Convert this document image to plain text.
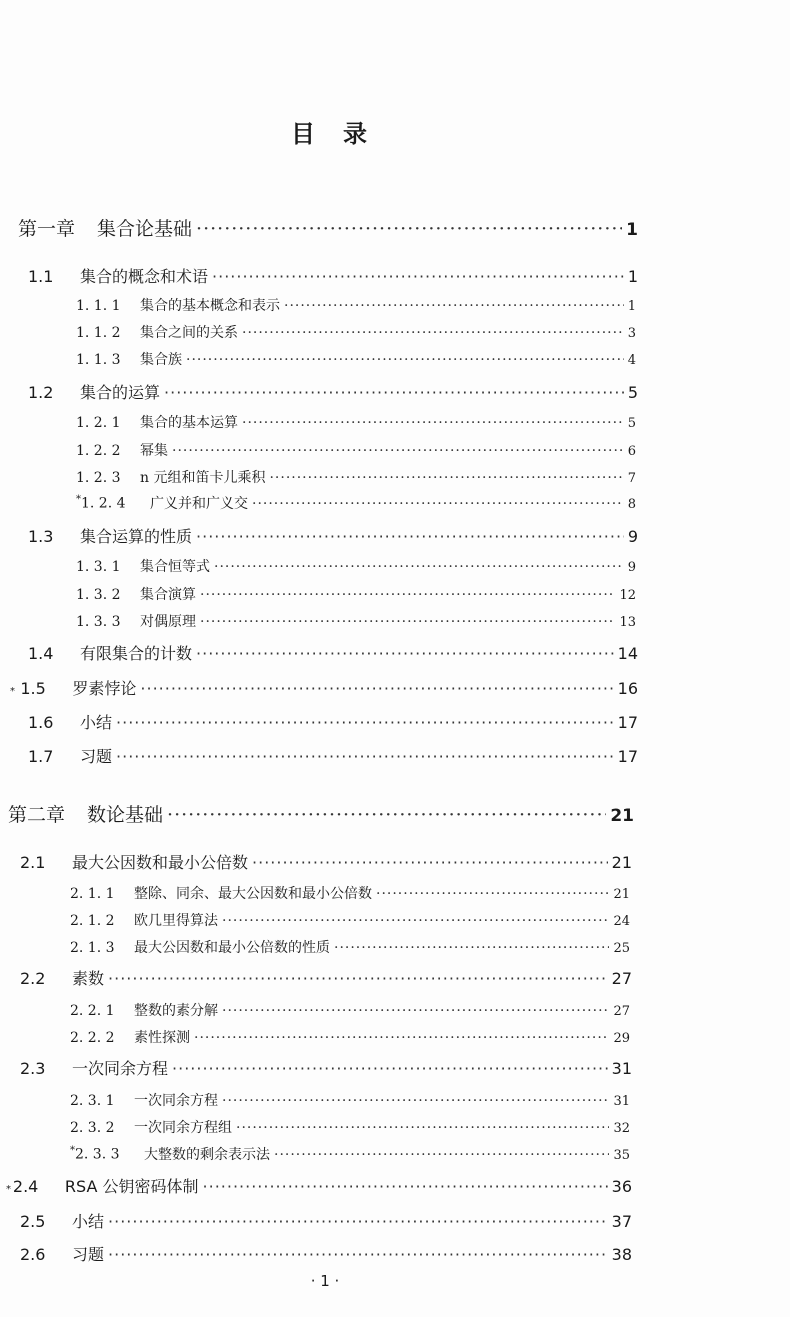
目　录
第一章 集合论基础 ·····	1
1.1	集合的概念和术语 ·····	1
1. 1. 1	集合的基本概念和表示 ·····	1
1. 1. 2	集合之间的关系 ·····	3
1. 1. 3	集合族 ·····	4
1.2	集合的运算 ·····	5
1. 2. 1	集合的基本运算 ·····	5
1. 2. 2	幂集 ·····	6
1. 2. 3	n 元组和笛卡儿乘积 ·····	7
*1. 2. 4	广义并和广义交 ·····	8
1.3	集合运算的性质 ·····	9
1. 3. 1	集合恒等式 ·····	9
1. 3. 2	集合演算 ·····	12
1. 3. 3	对偶原理 ·····	13
1.4	有限集合的计数 ·····	14
* 1.5	罗素悖论 ·····	16
1.6	小结 ·····	17
1.7	习题 ·····	17
第二章 数论基础 ·····	21
2.1	最大公因数和最小公倍数 ·····	21
2. 1. 1	整除、同余、最大公因数和最小公倍数 ·····	21
2. 1. 2	欧几里得算法 ·····	24
2. 1. 3	最大公因数和最小公倍数的性质 ·····	25
2.2	素数 ·····	27
2. 2. 1	整数的素分解 ·····	27
2. 2. 2	素性探测 ·····	29
2.3	一次同余方程 ·····	31
2. 3. 1	一次同余方程 ·····	31
2. 3. 2	一次同余方程组 ·····	32
*2. 3. 3	大整数的剩余表示法 ·····	35
* 2.4	RSA 公钥密码体制 ·····	36
2.5	小结 ·····	37
2.6	习题 ·····	38
· 1 ·
